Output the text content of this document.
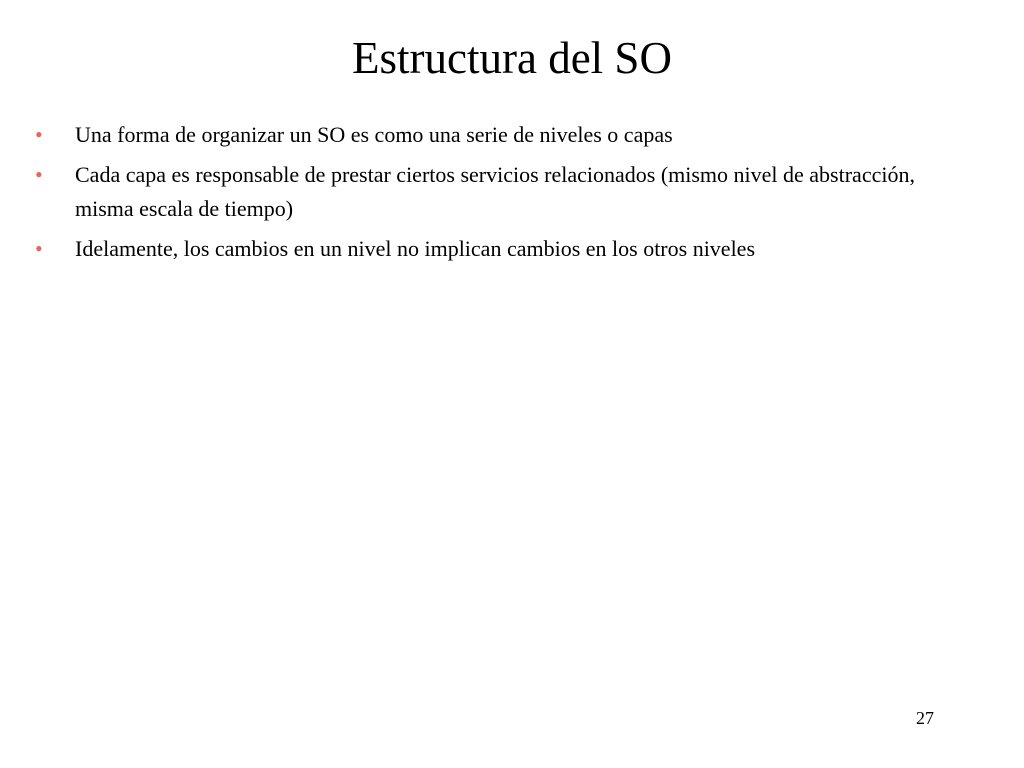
Estructura del SO
•	Una forma de organizar un SO es como una serie de niveles o capas
•	Cada capa es responsable de prestar ciertos servicios relacionados (mismo nivel de abstracción, misma escala de tiempo)
•	Idelamente, los cambios en un nivel no implican cambios en los otros niveles
27
